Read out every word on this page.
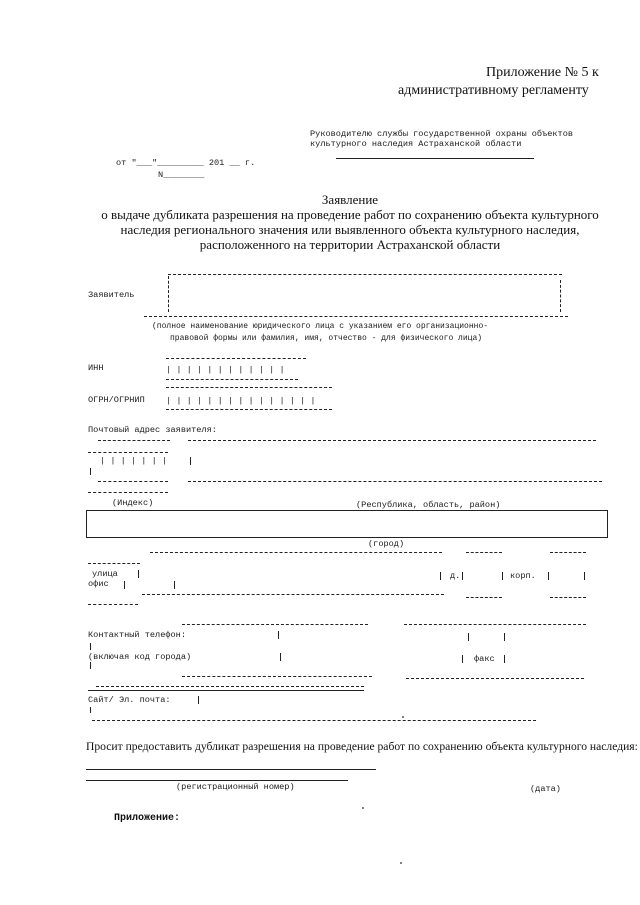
Приложение № 5 к
административному регламенту
Руководителю службы государственной охраны объектов
культурного наследия Астраханской области
от "___"_________ 201 __ г.
N________
Заявление
о выдаче дубликата разрешения на проведение работ по сохранению объекта культурного
наследия регионального значения или выявленного объекта культурного наследия,
расположенного на территории Астраханской области
Заявитель
(полное наименование юридического лица с указанием его организационно-
правовой формы или фамилия, имя, отчество - для физического лица)
ИНН	| | | | | | | | | | | |
ОГРН/ОГРНИП | | | | | | | | | | | | | | |
Почтовый адрес заявителя:
| | | | | | |
(Индекс)	(Республика, область, район)
(город)
улица	д.	корп.
офис
Контактный телефон:
(включая код города)	факс
Сайт/ Эл. почта:
Просит предоставить дубликат разрешения на проведение работ по сохранению объекта культурного наследия:
(регистрационный номер)	(дата)
Приложение:
